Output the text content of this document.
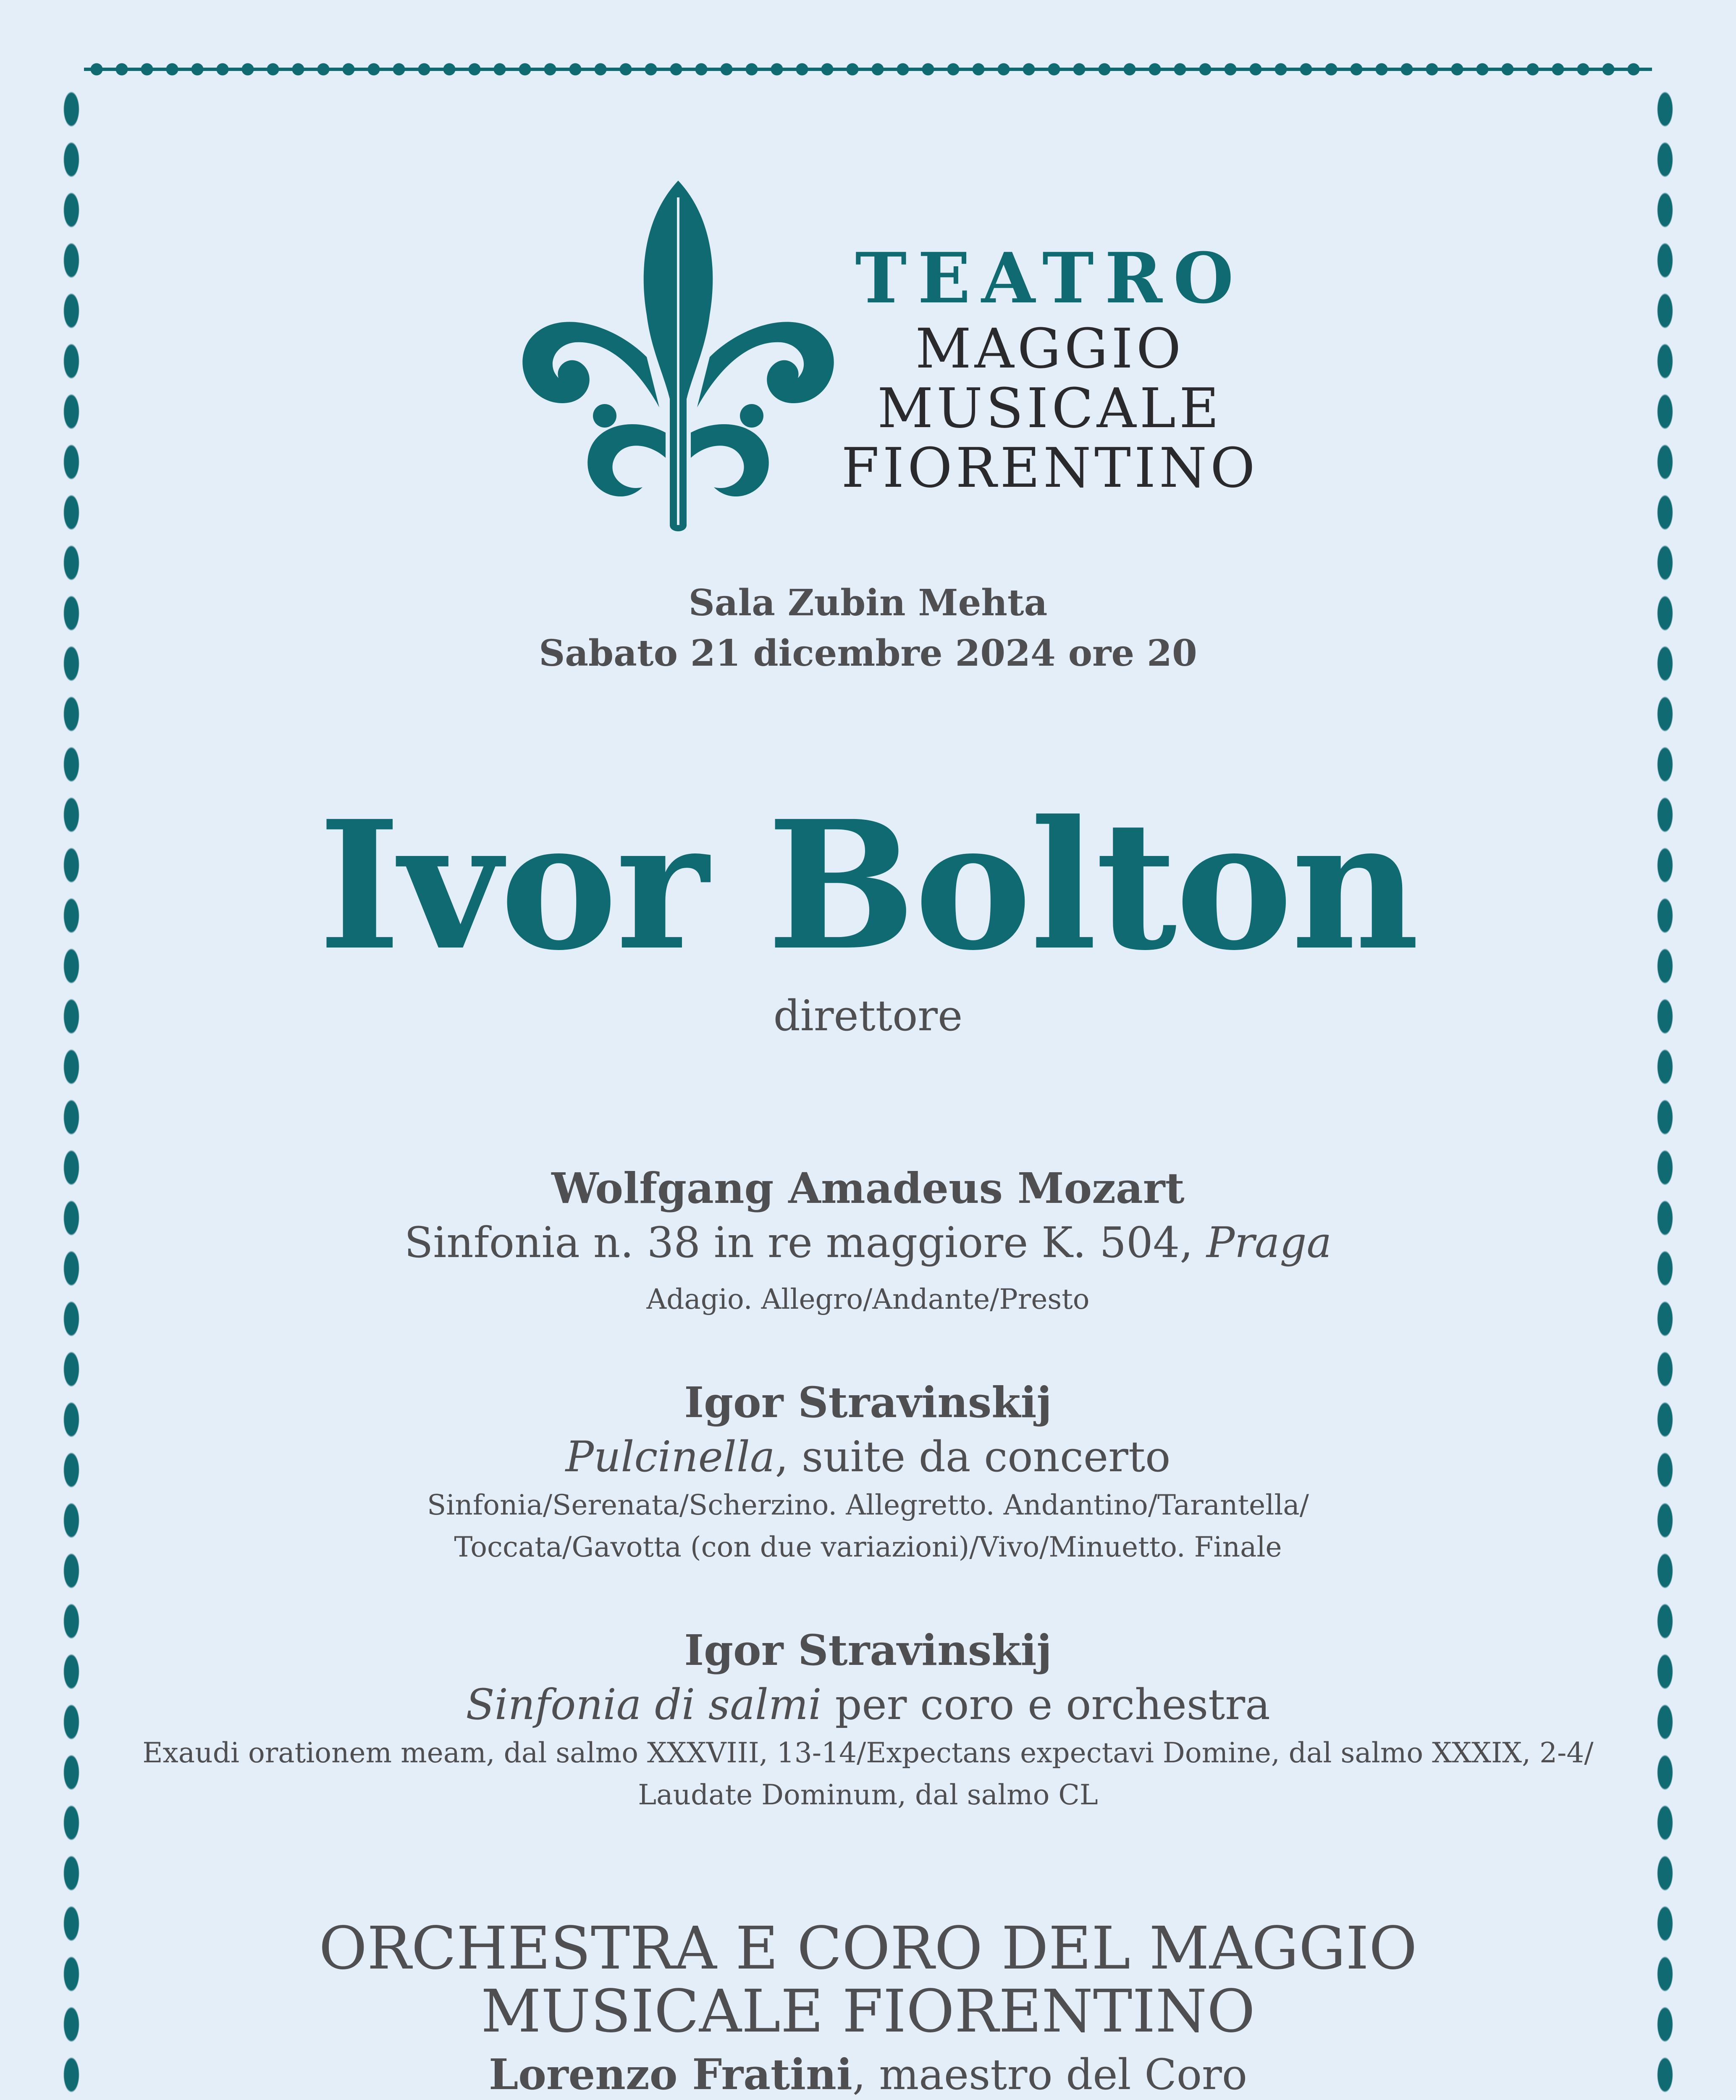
TEATRO
MAGGIO
MUSICALE
FIORENTINO
Sala Zubin Mehta
Sabato 21 dicembre 2024 ore 20
Ivor Bolton
direttore
Wolfgang Amadeus Mozart
Sinfonia n. 38 in re maggiore K. 504, Praga
Adagio. Allegro/Andante/Presto
Igor Stravinskij
Pulcinella, suite da concerto
Sinfonia/Serenata/Scherzino. Allegretto. Andantino/Tarantella/
Toccata/Gavotta (con due variazioni)/Vivo/Minuetto. Finale
Igor Stravinskij
Sinfonia di salmi per coro e orchestra
Exaudi orationem meam, dal salmo XXXVIII, 13-14/Expectans expectavi Domine, dal salmo XXXIX, 2-4/
Laudate Dominum, dal salmo CL
ORCHESTRA E CORO DEL MAGGIO
MUSICALE FIORENTINO
Lorenzo Fratini, maestro del Coro
